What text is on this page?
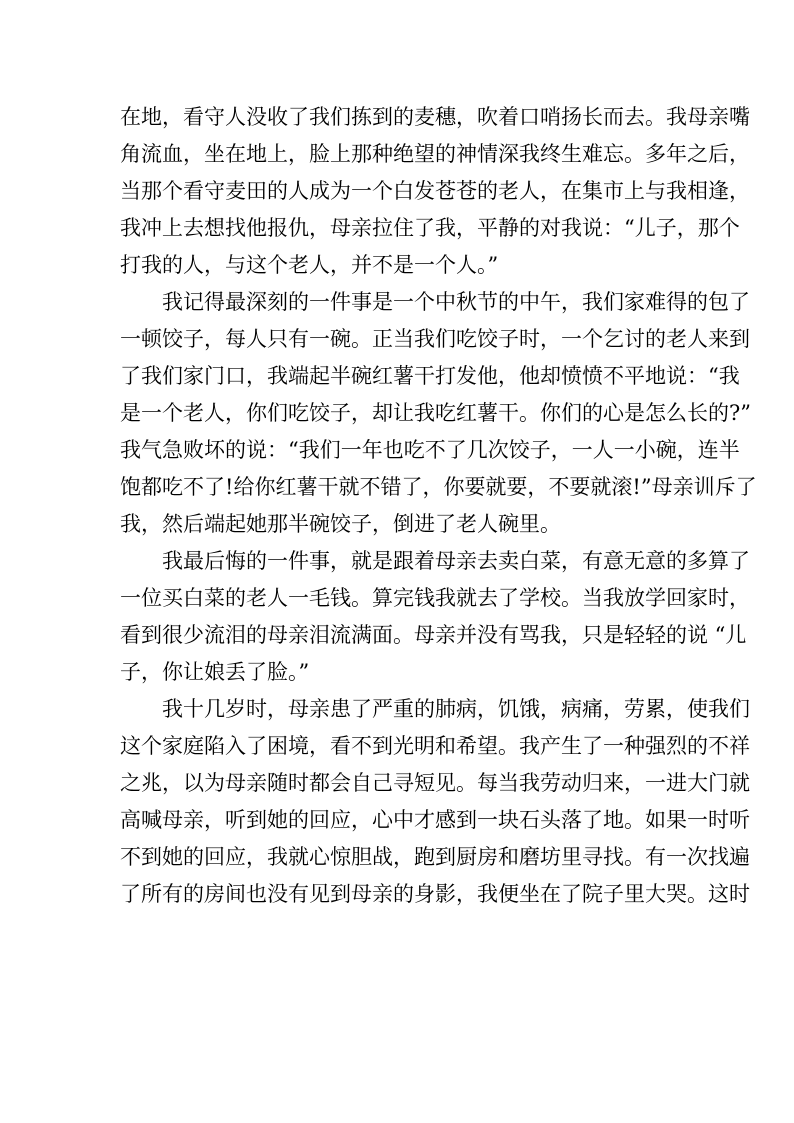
在地，看守人没收了我们拣到的麦穗，吹着口哨扬长而去。我母亲嘴
角流血，坐在地上，脸上那种绝望的神情深我终生难忘。多年之后，
当那个看守麦田的人成为一个白发苍苍的老人，在集市上与我相逢，
我冲上去想找他报仇，母亲拉住了我，平静的对我说：“儿子，那个
打我的人，与这个老人，并不是一个人。”
　　我记得最深刻的一件事是一个中秋节的中午，我们家难得的包了
一顿饺子，每人只有一碗。正当我们吃饺子时，一个乞讨的老人来到
了我们家门口，我端起半碗红薯干打发他，他却愤愤不平地说：“我
是一个老人，你们吃饺子，却让我吃红薯干。你们的心是怎么长的?”
我气急败坏的说：“我们一年也吃不了几次饺子，一人一小碗，连半
饱都吃不了!给你红薯干就不错了，你要就要，不要就滚!”母亲训斥了
我，然后端起她那半碗饺子，倒进了老人碗里。
　　我最后悔的一件事，就是跟着母亲去卖白菜，有意无意的多算了
一位买白菜的老人一毛钱。算完钱我就去了学校。当我放学回家时，
看到很少流泪的母亲泪流满面。母亲并没有骂我，只是轻轻的说 “儿
子，你让娘丢了脸。”
　　我十几岁时，母亲患了严重的肺病，饥饿，病痛，劳累，使我们
这个家庭陷入了困境，看不到光明和希望。我产生了一种强烈的不祥
之兆，以为母亲随时都会自己寻短见。每当我劳动归来，一进大门就
高喊母亲，听到她的回应，心中才感到一块石头落了地。如果一时听
不到她的回应，我就心惊胆战，跑到厨房和磨坊里寻找。有一次找遍
了所有的房间也没有见到母亲的身影，我便坐在了院子里大哭。这时
